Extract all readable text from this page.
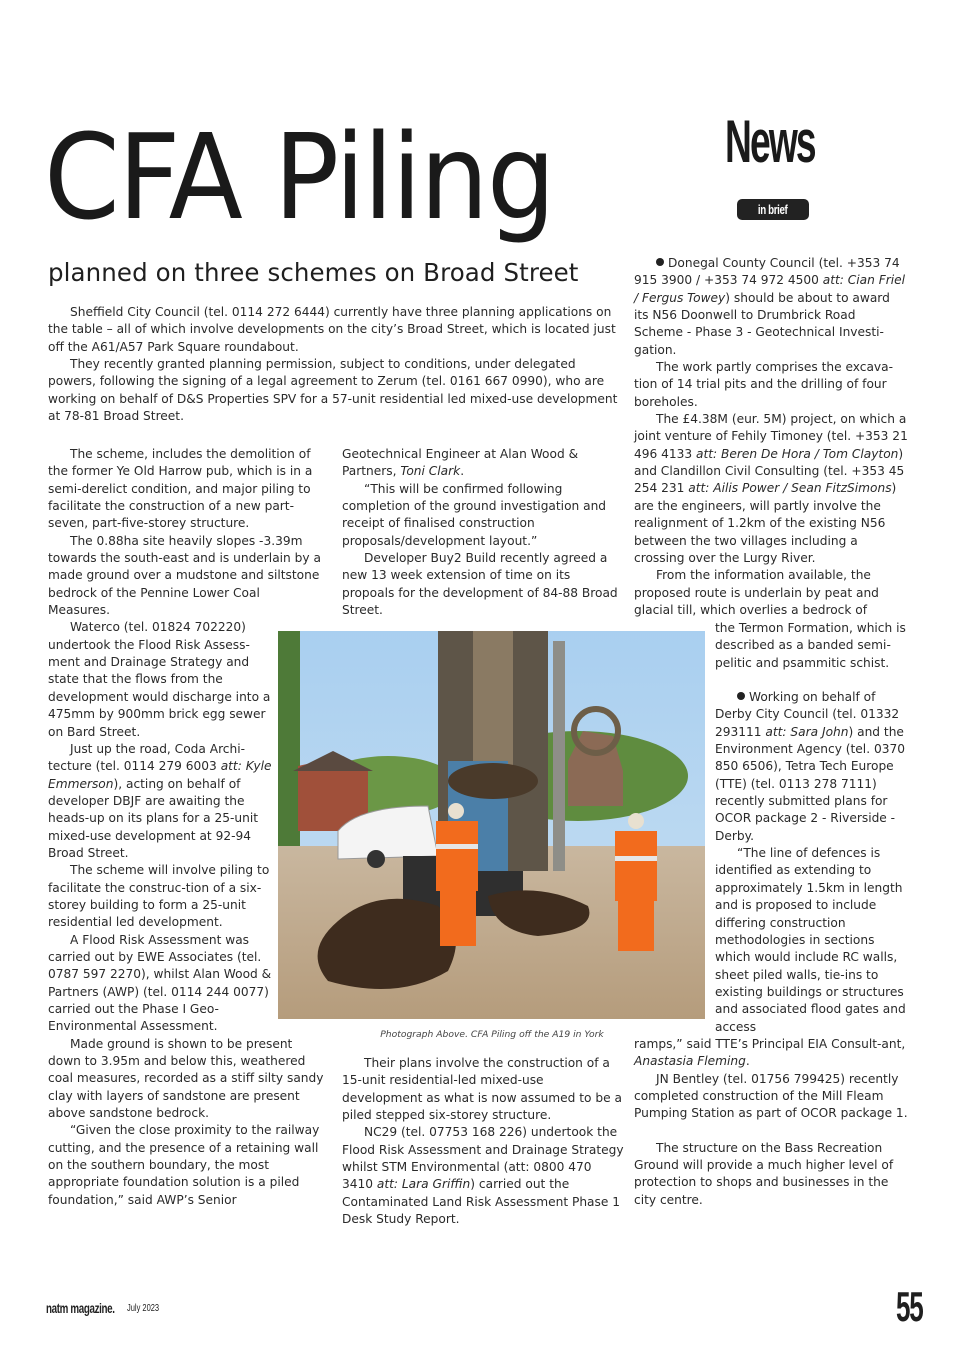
CFA Piling
planned on three schemes on Broad Street
News
in brief

Sheffield City Council (tel. 0114 272 6444) currently have three planning applications on the table – all of which involve developments on the city’s Broad Street, which is located just off the A61/A57 Park Square roundabout.

They recently granted planning permission, subject to conditions, under delegated powers, following the signing of a legal agreement to Zerum (tel. 0161 667 0990), who are working on behalf of D&S Properties SPV for a 57-unit residential led mixed-use development at 78-81 Broad Street.

The scheme, includes the demolition of the former Ye Old Harrow pub, which is in a semi-derelict condition, and major piling to facilitate the construction of a new part-seven, part-five-storey structure.

The 0.88ha site heavily slopes -3.39m towards the south-east and is underlain by a made ground over a mudstone and siltstone bedrock of the Pennine Lower Coal Measures.

Waterco (tel. 01824 702220) undertook the Flood Risk Assess-ment and Drainage Strategy and state that the flows from the development would discharge into a 475mm by 900mm brick egg sewer on Bard Street.

Just up the road, Coda Archi-tecture (tel. 0114 279 6003 att: Kyle Emmerson), acting on behalf of developer DBJF are awaiting the heads-up on its plans for a 25-unit mixed-use development at 92-94 Broad Street.

The scheme will involve piling to facilitate the construc-tion of a six-storey building to form a 25-unit residential led development.

A Flood Risk Assessment was carried out by EWE Associates (tel. 0787 597 2270), whilst Alan Wood & Partners (AWP) (tel. 0114 244 0077) carried out the Phase I Geo-Environmental Assessment.

Made ground is shown to be present down to 3.95m and below this, weathered coal measures, recorded as a stiff silty sandy clay with layers of sandstone are present above sandstone bedrock.

“Given the close proximity to the railway cutting, and the presence of a retaining wall on the southern boundary, the most appropriate foundation solution is a piled foundation,” said AWP’s Senior

Geotechnical Engineer at Alan Wood & Partners, Toni Clark.

“This will be confirmed following completion of the ground investigation and receipt of finalised construction proposals/development layout.”

Developer Buy2 Build recently agreed a new 13 week extension of time on its propoals for the development of 84-88 Broad Street.

Photograph Above. CFA Piling off the A19 in York

Their plans involve the construction of a 15-unit residential-led mixed-use development as what is now assumed to be a piled stepped six-storey structure.

NC29 (tel. 07753 168 226) undertook the Flood Risk Assessment and Drainage Strategy whilst STM Environmental (att: 0800 470 3410 att: Lara Griffin) carried out the Contaminated Land Risk Assessment Phase 1 Desk Study Report.

Donegal County Council (tel. +353 74 915 3900 / +353 74 972 4500 att: Cian Friel / Fergus Towey) should be about to award its N56 Doonwell to Drumbrick Road Scheme - Phase 3 - Geotechnical Investi-gation.

The work partly comprises the excava-tion of 14 trial pits and the drilling of four boreholes.

The £4.38M (eur. 5M) project, on which a joint venture of Fehily Timoney (tel. +353 21 496 4133 att: Beren De Hora / Tom Clayton) and Clandillon Civil Consulting (tel. +353 45 254 231 att: Ailis Power / Sean FitzSimons) are the engineers, will partly involve the realignment of 1.2km of the existing N56 between the two villages including a crossing over the Lurgy River.

From the information available, the proposed route is underlain by peat and glacial till, which overlies a bedrock of

the Termon Formation, which is described as a banded semi-pelitic and psammitic schist.

Working on behalf of Derby City Council (tel. 01332 293111 att: Sara John) and the Environment Agency (tel. 0370 850 6506), Tetra Tech Europe (TTE) (tel. 0113 278 7111) recently submitted plans for OCOR package 2 - Riverside - Derby.

“The line of defences is identified as extending to approximately 1.5km in length and is proposed to include differing construction methodologies in sections which would include RC walls, sheet piled walls, tie-ins to existing buildings or structures and associated flood gates and access

ramps,” said TTE’s Principal EIA Consult-ant, Anastasia Fleming.

JN Bentley (tel. 01756 799425) recently completed construction of the Mill Fleam Pumping Station as part of OCOR package 1.

The structure on the Bass Recreation Ground will provide a much higher level of protection to shops and businesses in the city centre.

natm magazine. July 2023	55
